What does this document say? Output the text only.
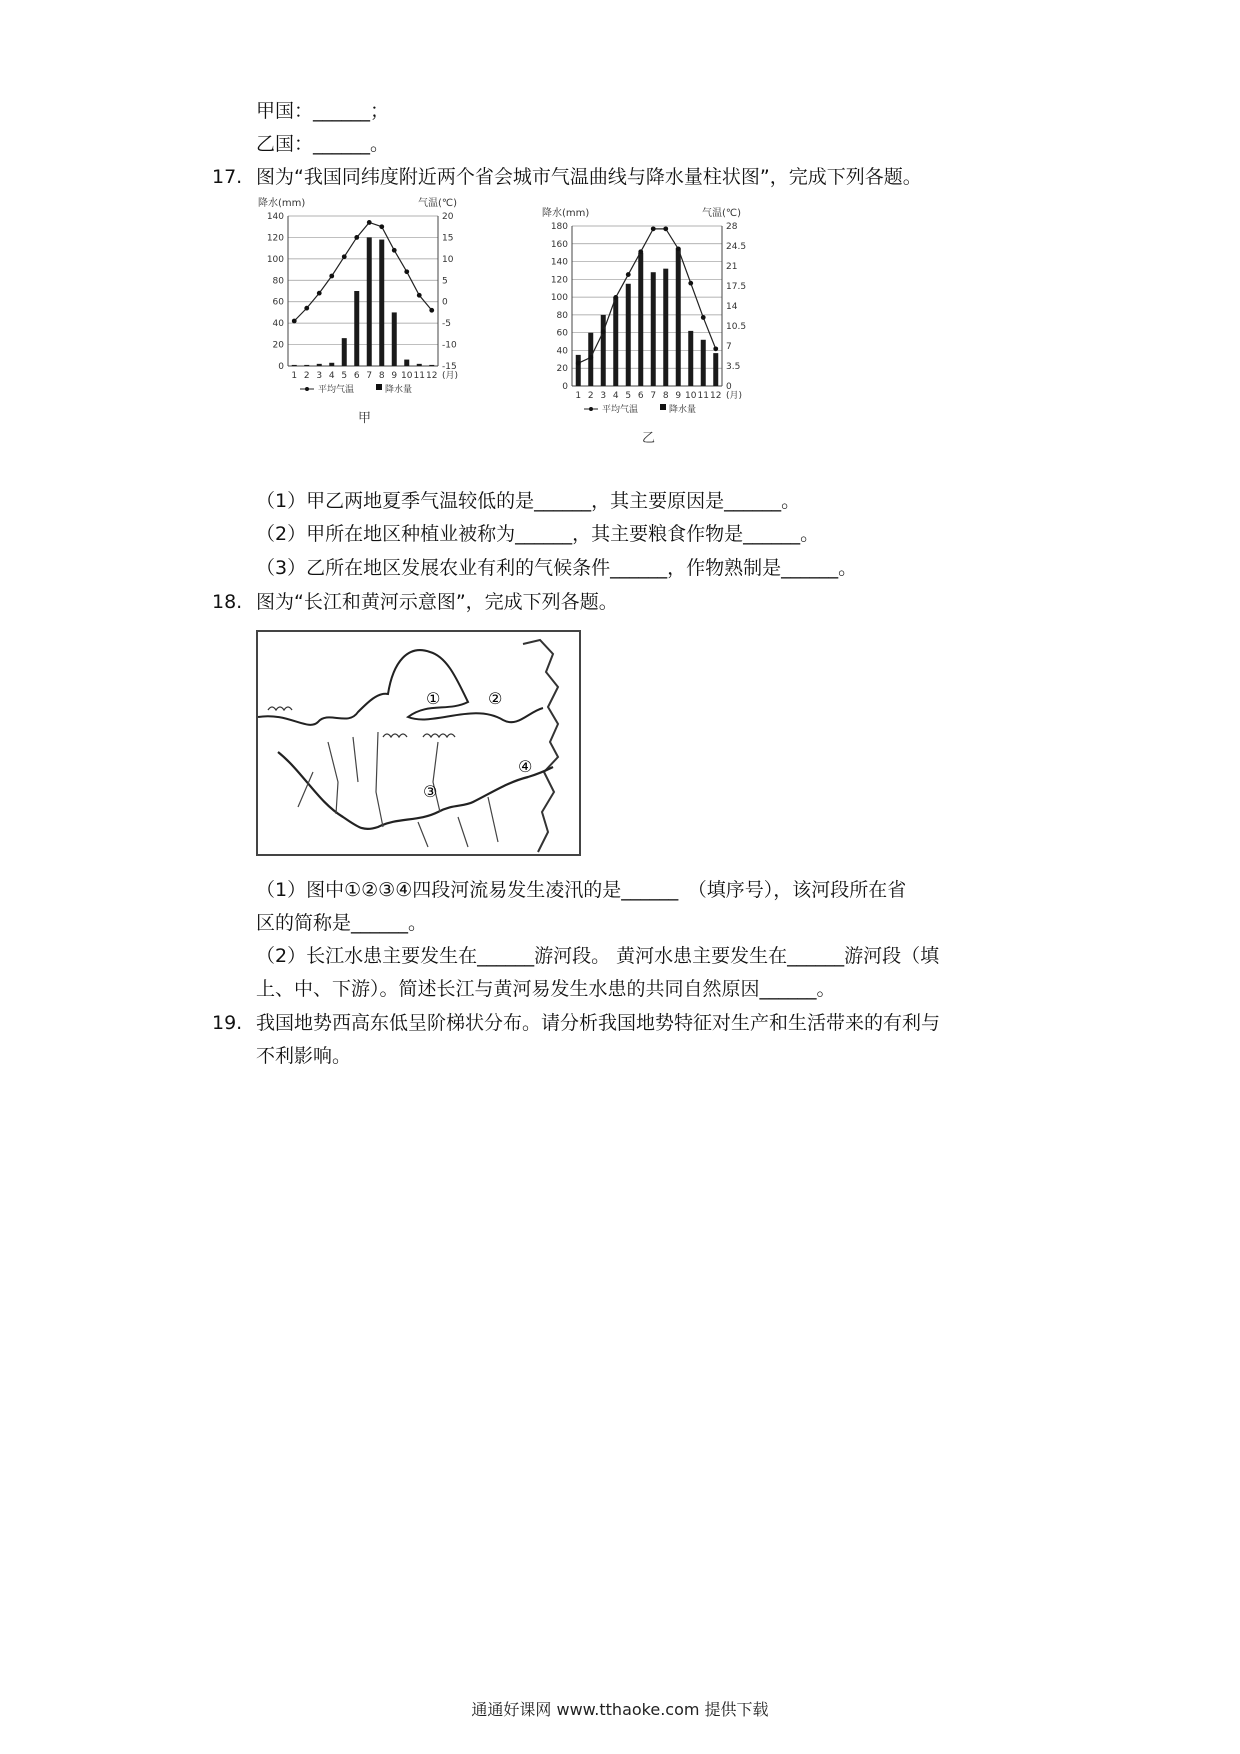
甲国：______；
乙国：______。
17. 图为“我国同纬度附近两个省会城市气温曲线与降水量柱状图”，完成下列各题。
降水(mm)	气温(℃)
0
20
40
60
80
100
120
140
-15
-10
-5
0
5
10
15
20
1 2 3 4 5 6 7 8 9 10 11 12 (月)
平均气温	降水量
甲
降水(mm)	气温(℃)
0
20
40
60
80
100
120
140
160
180
0
3.5
7
10.5
14
17.5
21
24.5
28
1 2 3 4 5 6 7 8 9 10 11 12 (月)
平均气温	降水量
乙
（1）甲乙两地夏季气温较低的是______，其主要原因是______。
（2）甲所在地区种植业被称为______，其主要粮食作物是______。
（3）乙所在地区发展农业有利的气候条件______，作物熟制是______。
18. 图为“长江和黄河示意图”，完成下列各题。
①	②
③
④
（1）图中①②③④四段河流易发生凌汛的是______　（填序号），该河段所在省
区的简称是______。
（2）长江水患主要发生在______游河段。 黄河水患主要发生在______游河段（填
上、中、下游）。简述长江与黄河易发生水患的共同自然原因______。
19. 我国地势西高东低呈阶梯状分布。请分析我国地势特征对生产和生活带来的有利与
不利影响。
通通好课网 www.tthaoke.com 提供下载
